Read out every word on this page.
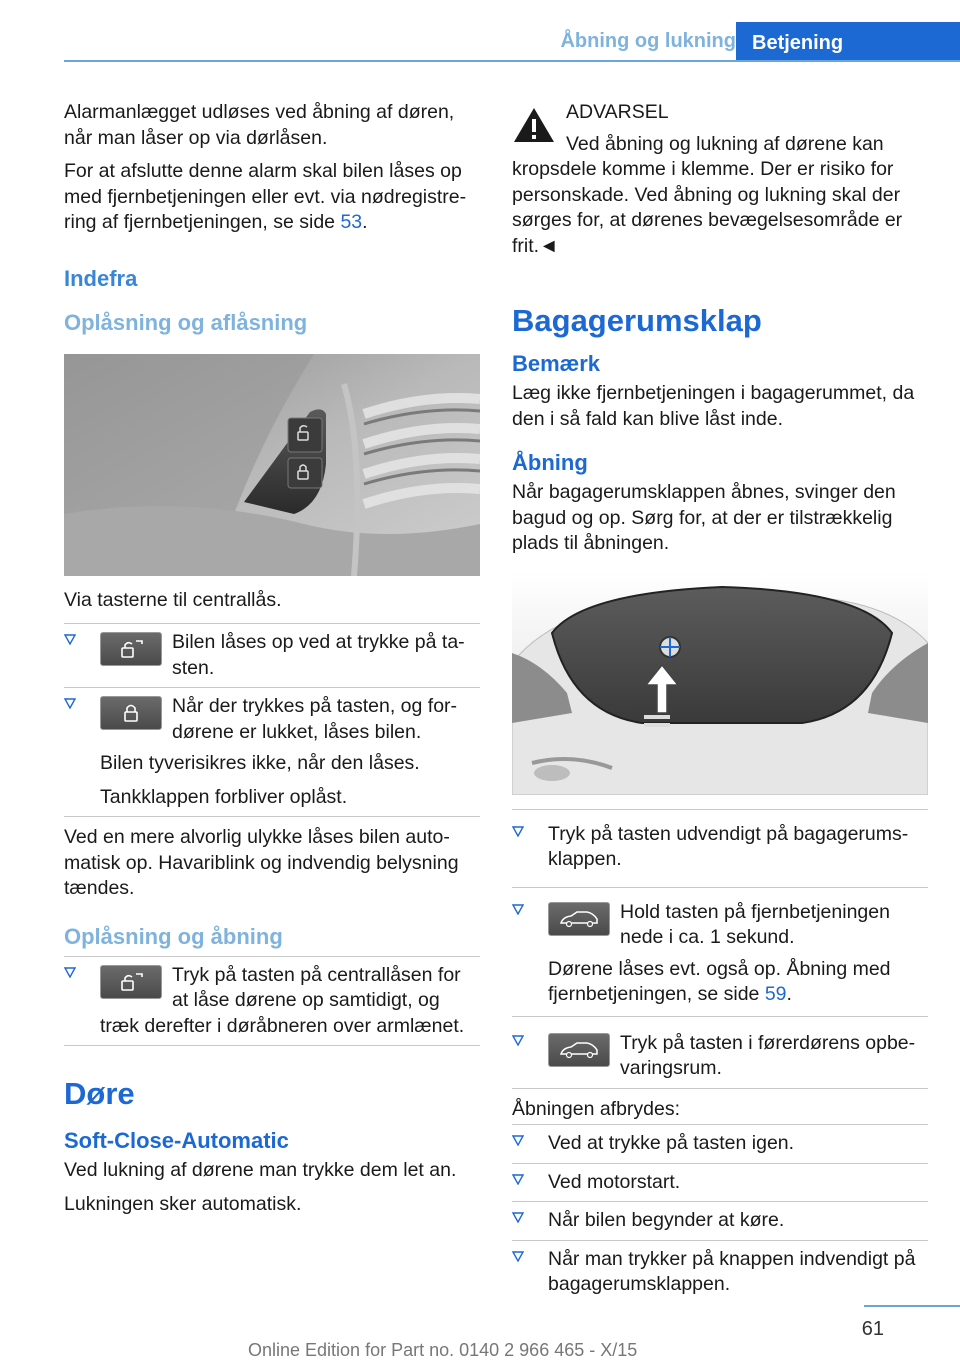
Åbning og lukning Betjening

Alarmanlægget udløses ved åbning af døren, når man låser op via dørlåsen.

For at afslutte denne alarm skal bilen låses op med fjernbetjeningen eller evt. via nødregistrering af fjernbetjeningen, se side 53.

Indefra
Oplåsning og aflåsning

Via tasterne til centrallås.

Bilen låses op ved at trykke på tasten.
Når der trykkes på tasten, og fordørene er lukket, låses bilen.

Bilen tyverisikres ikke, når den låses.

Tankklappen forbliver oplåst.

Ved en mere alvorlig ulykke låses bilen automatisk op. Havariblink og indvendig belysning tændes.

Oplåsning og åbning
Tryk på tasten på centrallåsen for at låse dørene op samtidigt, og træk derefter i døråbneren over armlænet.
Døre
Soft-Close-Automatic

Ved lukning af dørene man trykke dem let an.

Lukningen sker automatisk.

ADVARSEL

Ved åbning og lukning af dørene kan kropsdele komme i klemme. Der er risiko for personskade. Ved åbning og lukning skal der sørges for, at dørenes bevægelsesområde er frit.◄

Bagagerumsklap
Bemærk

Læg ikke fjernbetjeningen i bagagerummet, da den i så fald kan blive låst inde.

Åbning

Når bagagerumsklappen åbnes, svinger den bagud og op. Sørg for, at der er tilstrækkelig plads til åbningen.

Tryk på tasten udvendigt på bagagerumsklappen.
Hold tasten på fjernbetjeningen nede i ca. 1 sekund.

Dørene låses evt. også op. Åbning med fjernbetjeningen, se side 59.

Tryk på tasten i førerdørens opbevaringsrum.

Åbningen afbrydes:

Ved at trykke på tasten igen.
Ved motorstart.
Når bilen begynder at køre.
Når man trykker på knappen indvendigt på bagagerumsklappen.
61
Online Edition for Part no. 0140 2 966 465 - X/15
